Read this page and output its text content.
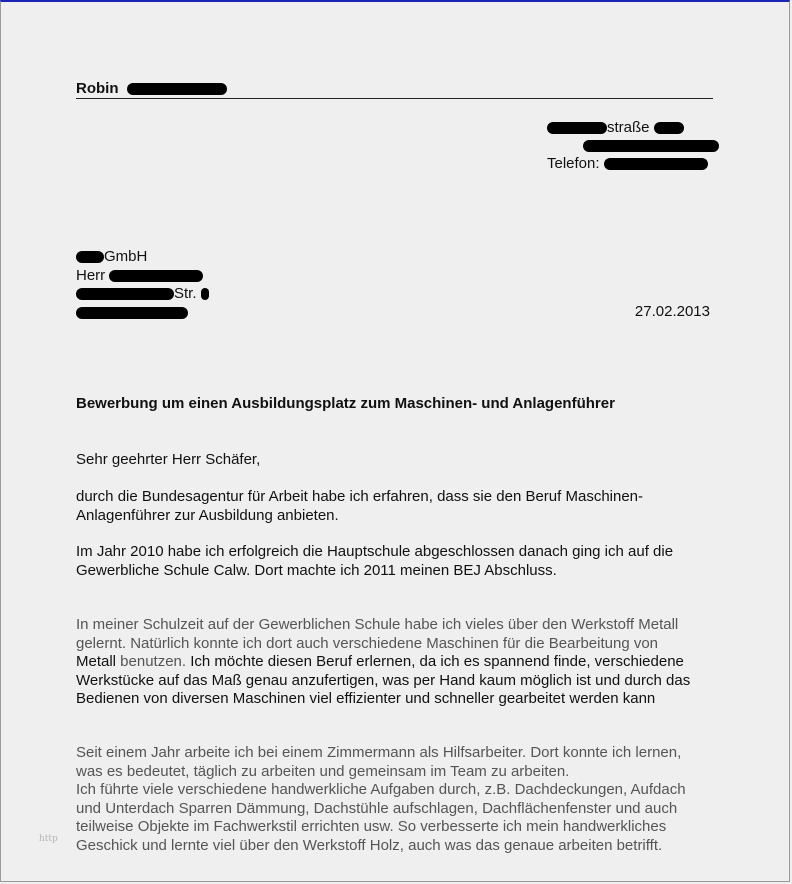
Robin
straße
Telefon:
GmbH
Herr
Str.
27.02.2013
Bewerbung um einen Ausbildungsplatz zum Maschinen- und Anlagenführer
Sehr geehrter Herr Schäfer,
durch die Bundesagentur für Arbeit habe ich erfahren, dass sie den Beruf Maschinen-
Anlagenführer zur Ausbildung anbieten.
Im Jahr 2010 habe ich erfolgreich die Hauptschule abgeschlossen danach ging ich auf die
Gewerbliche Schule Calw. Dort machte ich 2011 meinen BEJ Abschluss.
In meiner Schulzeit auf der Gewerblichen Schule habe ich vieles über den Werkstoff Metall
gelernt. Natürlich konnte ich dort auch verschiedene Maschinen für die Bearbeitung von
Metall benutzen. Ich möchte diesen Beruf erlernen, da ich es spannend finde, verschiedene
Werkstücke auf das Maß genau anzufertigen, was per Hand kaum möglich ist und durch das
Bedienen von diversen Maschinen viel effizienter und schneller gearbeitet werden kann
Seit einem Jahr arbeite ich bei einem Zimmermann als Hilfsarbeiter. Dort konnte ich lernen,
was es bedeutet, täglich zu arbeiten und gemeinsam im Team zu arbeiten.
Ich führte viele verschiedene handwerkliche Aufgaben durch, z.B. Dachdeckungen, Aufdach
und Unterdach Sparren Dämmung, Dachstühle aufschlagen, Dachflächenfenster und auch
teilweise Objekte im Fachwerkstil errichten usw. So verbesserte ich mein handwerkliches
Geschick und lernte viel über den Werkstoff Holz, auch was das genaue arbeiten betrifft.
http
